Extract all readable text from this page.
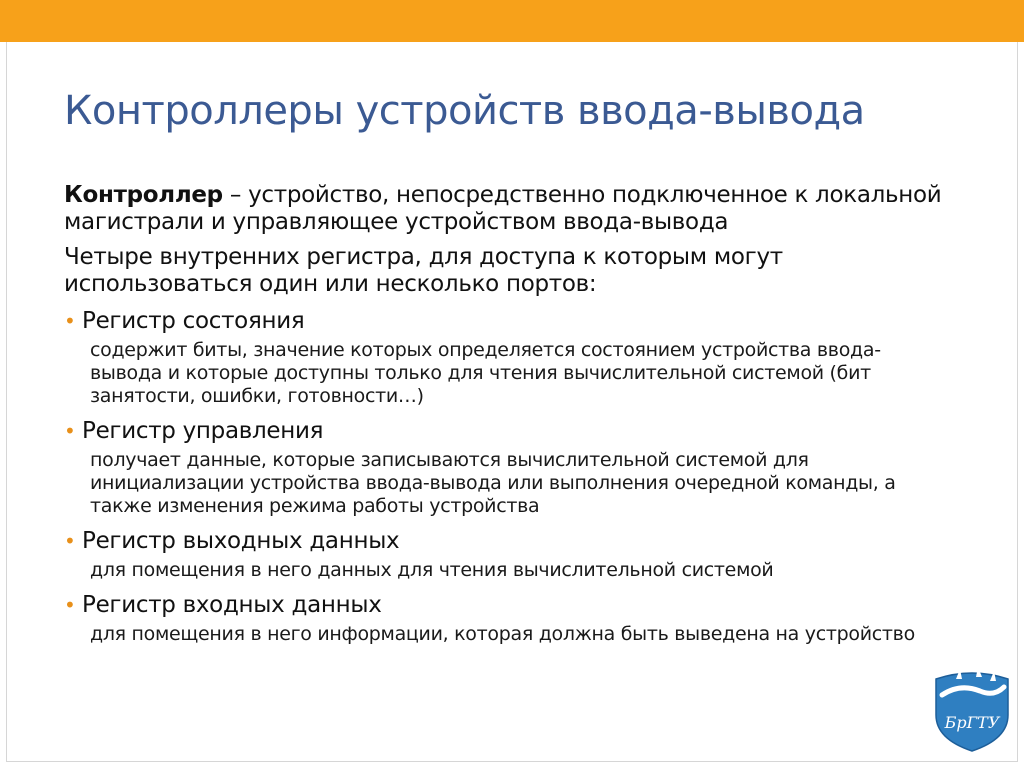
Контроллеры устройств ввода-вывода

Контроллер – устройство, непосредственно подключенное к локальной магистрали и управляющее устройством ввода-вывода

Четыре внутренних регистра, для доступа к которым могут использоваться один или несколько портов:

• Регистр состояния

содержит биты, значение которых определяется состоянием устройства ввода-вывода и которые доступны только для чтения вычислительной системой (бит занятости, ошибки, готовности…)

• Регистр управления

получает данные, которые записываются вычислительной системой для инициализации устройства ввода-вывода или выполнения очередной команды, а также изменения режима работы устройства

• Регистр выходных данных

для помещения в него данных для чтения вычислительной системой

• Регистр входных данных

для помещения в него информации, которая должна быть выведена на устройство

БрГТУ
